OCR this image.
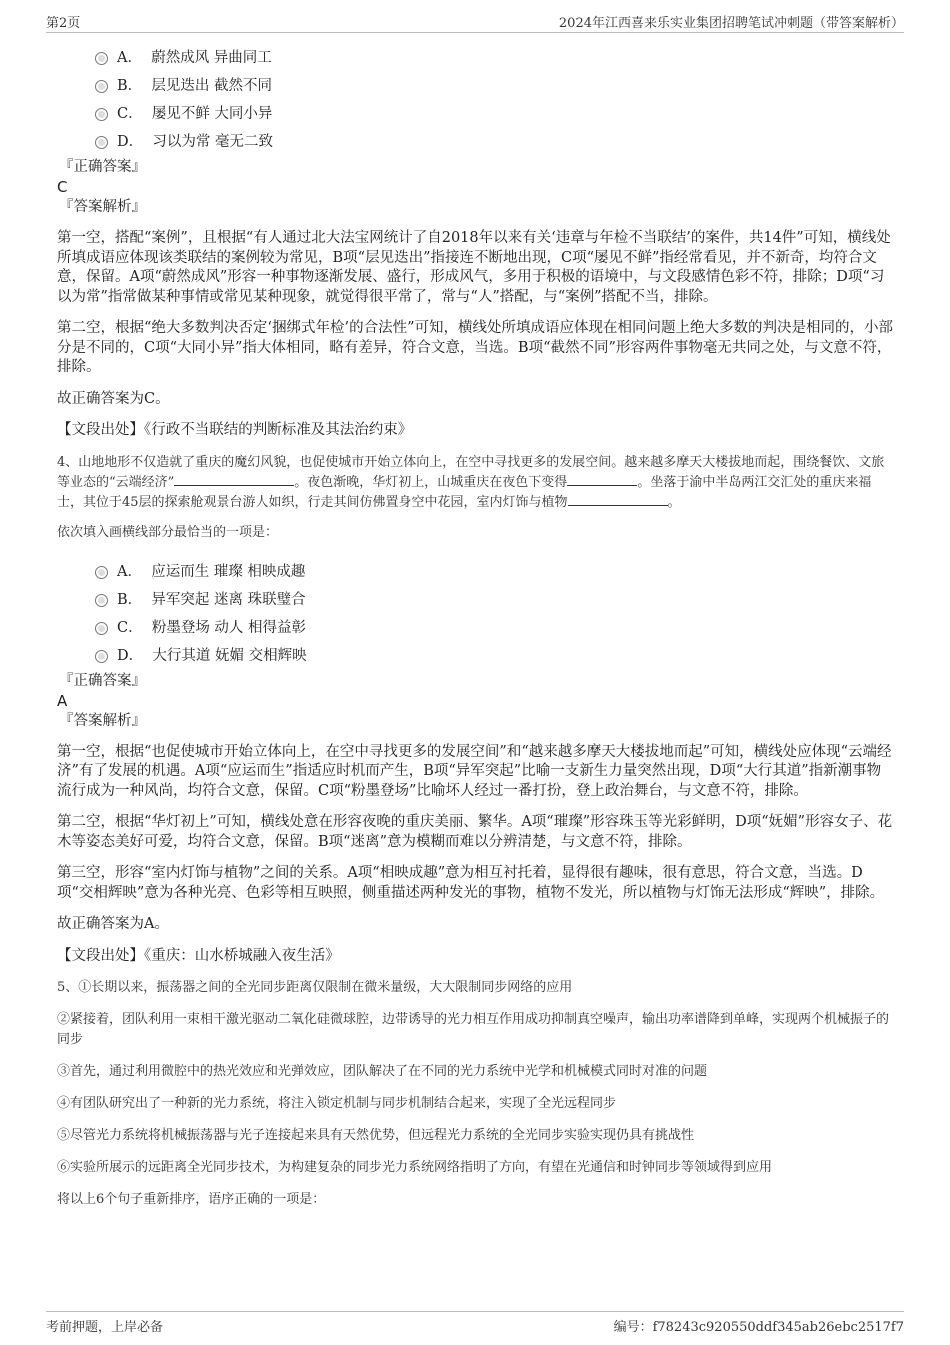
第2页	2024年江西喜来乐实业集团招聘笔试冲刺题（带答案解析）
A． 蔚然成风 异曲同工
B． 层见迭出 截然不同
C． 屡见不鲜 大同小异
D． 习以为常 毫无二致
『正确答案』
C
『答案解析』

第一空，搭配“案例”，且根据“有人通过北大法宝网统计了自2018年以来有关‘违章与年检不当联结’的案件，共14件”可知，横线处所填成语应体现该类联结的案例较为常见，B项“层见迭出”指接连不断地出现，C项“屡见不鲜”指经常看见，并不新奇，均符合文意，保留。A项“蔚然成风”形容一种事物逐渐发展、盛行，形成风气，多用于积极的语境中，与文段感情色彩不符，排除；D项“习以为常”指常做某种事情或常见某种现象，就觉得很平常了，常与“人”搭配，与“案例”搭配不当，排除。

第二空，根据“绝大多数判决否定‘捆绑式年检’的合法性”可知，横线处所填成语应体现在相同问题上绝大多数的判决是相同的，小部分是不同的，C项“大同小异”指大体相同，略有差异，符合文意，当选。B项“截然不同”形容两件事物毫无共同之处，与文意不符，排除。

故正确答案为C。

【文段出处】《行政不当联结的判断标准及其法治约束》

4、山地地形不仅造就了重庆的魔幻风貌，也促使城市开始立体向上，在空中寻找更多的发展空间。越来越多摩天大楼拔地而起，围绕餐饮、文旅等业态的“云端经济”	。夜色渐晚，华灯初上，山城重庆在夜色下变得	。坐落于渝中半岛两江交汇处的重庆来福士，其位于45层的探索舱观景台游人如织，行走其间仿佛置身空中花园，室内灯饰与植物	。

依次填入画横线部分最恰当的一项是：

A． 应运而生 璀璨 相映成趣
B． 异军突起 迷离 珠联璧合
C． 粉墨登场 动人 相得益彰
D． 大行其道 妩媚 交相辉映
『正确答案』
A
『答案解析』

第一空，根据“也促使城市开始立体向上，在空中寻找更多的发展空间”和“越来越多摩天大楼拔地而起”可知，横线处应体现“云端经济”有了发展的机遇。A项“应运而生”指适应时机而产生，B项“异军突起”比喻一支新生力量突然出现，D项“大行其道”指新潮事物流行成为一种风尚，均符合文意，保留。C项“粉墨登场”比喻坏人经过一番打扮，登上政治舞台，与文意不符，排除。

第二空，根据“华灯初上”可知，横线处意在形容夜晚的重庆美丽、繁华。A项“璀璨”形容珠玉等光彩鲜明，D项“妩媚”形容女子、花木等姿态美好可爱，均符合文意，保留。B项“迷离”意为模糊而难以分辨清楚，与文意不符，排除。

第三空，形容“室内灯饰与植物”之间的关系。A项“相映成趣”意为相互衬托着，显得很有趣味，很有意思，符合文意，当选。D项“交相辉映”意为各种光亮、色彩等相互映照，侧重描述两种发光的事物，植物不发光，所以植物与灯饰无法形成“辉映”，排除。

故正确答案为A。

【文段出处】《重庆：山水桥城融入夜生活》

5、①长期以来，振荡器之间的全光同步距离仅限制在微米量级，大大限制同步网络的应用

②紧接着，团队利用一束相干激光驱动二氧化硅微球腔，边带诱导的光力相互作用成功抑制真空噪声，输出功率谱降到单峰，实现两个机械振子的同步

③首先，通过利用微腔中的热光效应和光弹效应，团队解决了在不同的光力系统中光学和机械模式同时对准的问题

④有团队研究出了一种新的光力系统，将注入锁定机制与同步机制结合起来，实现了全光远程同步

⑤尽管光力系统将机械振荡器与光子连接起来具有天然优势，但远程光力系统的全光同步实验实现仍具有挑战性

⑥实验所展示的远距离全光同步技术，为构建复杂的同步光力系统网络指明了方向，有望在光通信和时钟同步等领域得到应用

将以上6个句子重新排序，语序正确的一项是：

考前押题，上岸必备	编号：f78243c920550ddf345ab26ebc2517f7
